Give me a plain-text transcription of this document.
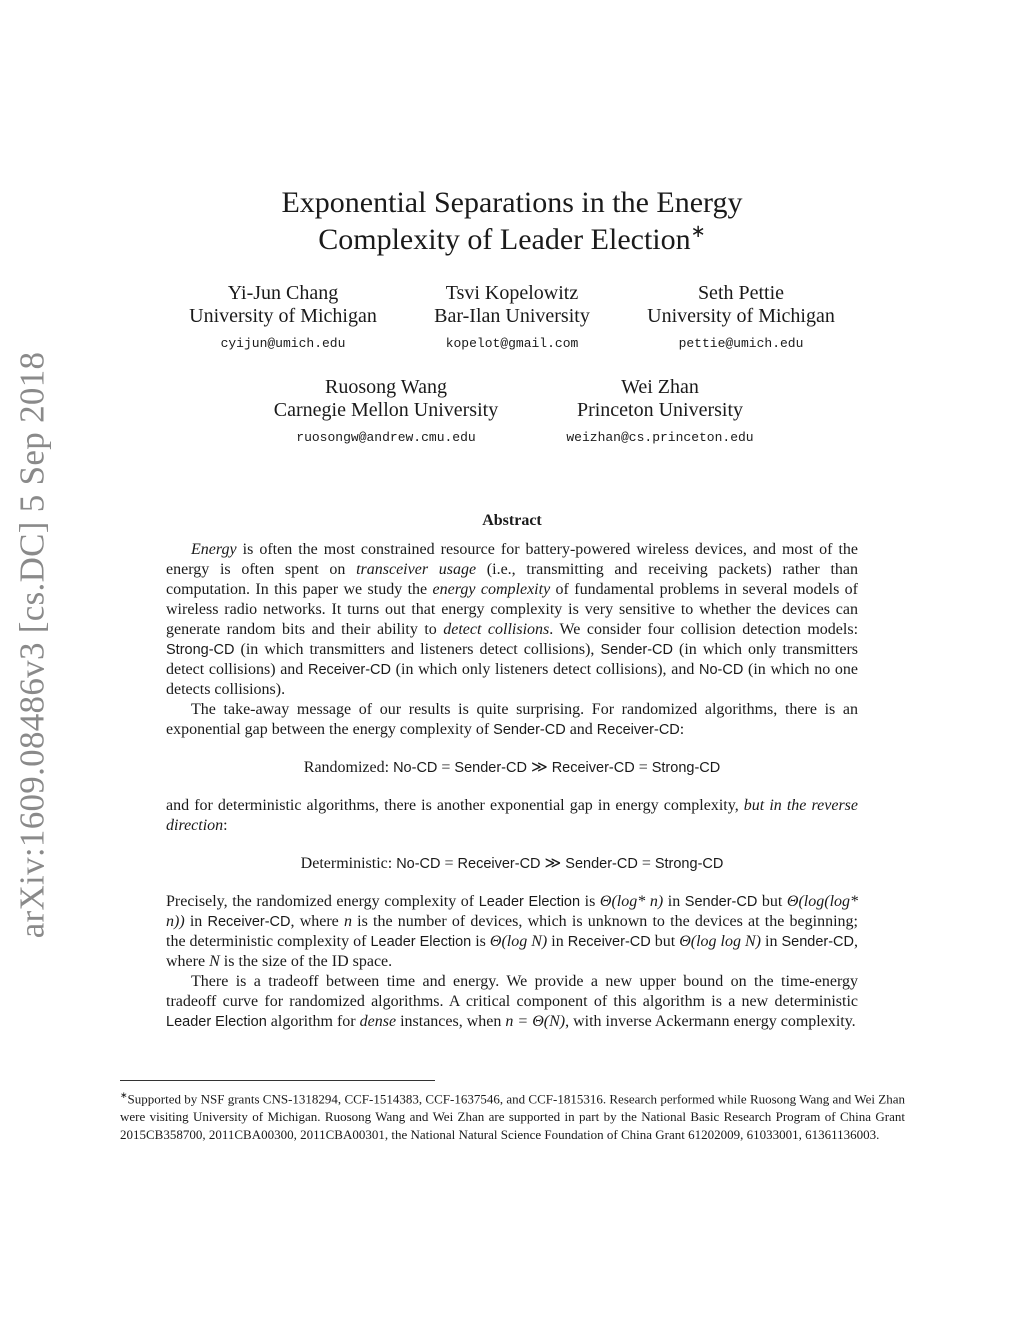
arXiv:1609.08486v3 [cs.DC] 5 Sep 2018
Exponential Separations in the Energy
Complexity of Leader Election∗
Yi-Jun Chang
University of Michigan
cyijun@umich.edu
Tsvi Kopelowitz
Bar-Ilan University
kopelot@gmail.com
Seth Pettie
University of Michigan
pettie@umich.edu
Ruosong Wang
Carnegie Mellon University
ruosongw@andrew.cmu.edu
Wei Zhan
Princeton University
weizhan@cs.princeton.edu
Abstract

Energy is often the most constrained resource for battery-powered wireless devices, and most of the energy is often spent on transceiver usage (i.e., transmitting and receiving packets) rather than computation. In this paper we study the energy complexity of fundamental problems in several models of wireless radio networks. It turns out that energy complexity is very sensitive to whether the devices can generate random bits and their ability to detect collisions. We consider four collision detection models: Strong-CD (in which transmitters and listeners detect collisions), Sender-CD (in which only transmitters detect collisions) and Receiver-CD (in which only listeners detect collisions), and No-CD (in which no one detects collisions).

The take-away message of our results is quite surprising. For randomized algorithms, there is an exponential gap between the energy complexity of Sender-CD and Receiver-CD:

Randomized: No-CD = Sender-CD ≫ Receiver-CD = Strong-CD

and for deterministic algorithms, there is another exponential gap in energy complexity, but in the reverse direction:

Deterministic: No-CD = Receiver-CD ≫ Sender-CD = Strong-CD

Precisely, the randomized energy complexity of Leader Election is Θ(log* n) in Sender-CD but Θ(log(log* n)) in Receiver-CD, where n is the number of devices, which is unknown to the devices at the beginning; the deterministic complexity of Leader Election is Θ(log N) in Receiver-CD but Θ(log log N) in Sender-CD, where N is the size of the ID space.

There is a tradeoff between time and energy. We provide a new upper bound on the time-energy tradeoff curve for randomized algorithms. A critical component of this algorithm is a new deterministic Leader Election algorithm for dense instances, when n = Θ(N), with inverse Ackermann energy complexity.

∗Supported by NSF grants CNS-1318294, CCF-1514383, CCF-1637546, and CCF-1815316. Research performed while Ruosong Wang and Wei Zhan were visiting University of Michigan. Ruosong Wang and Wei Zhan are supported in part by the National Basic Research Program of China Grant 2015CB358700, 2011CBA00300, 2011CBA00301, the National Natural Science Foundation of China Grant 61202009, 61033001, 61361136003.
